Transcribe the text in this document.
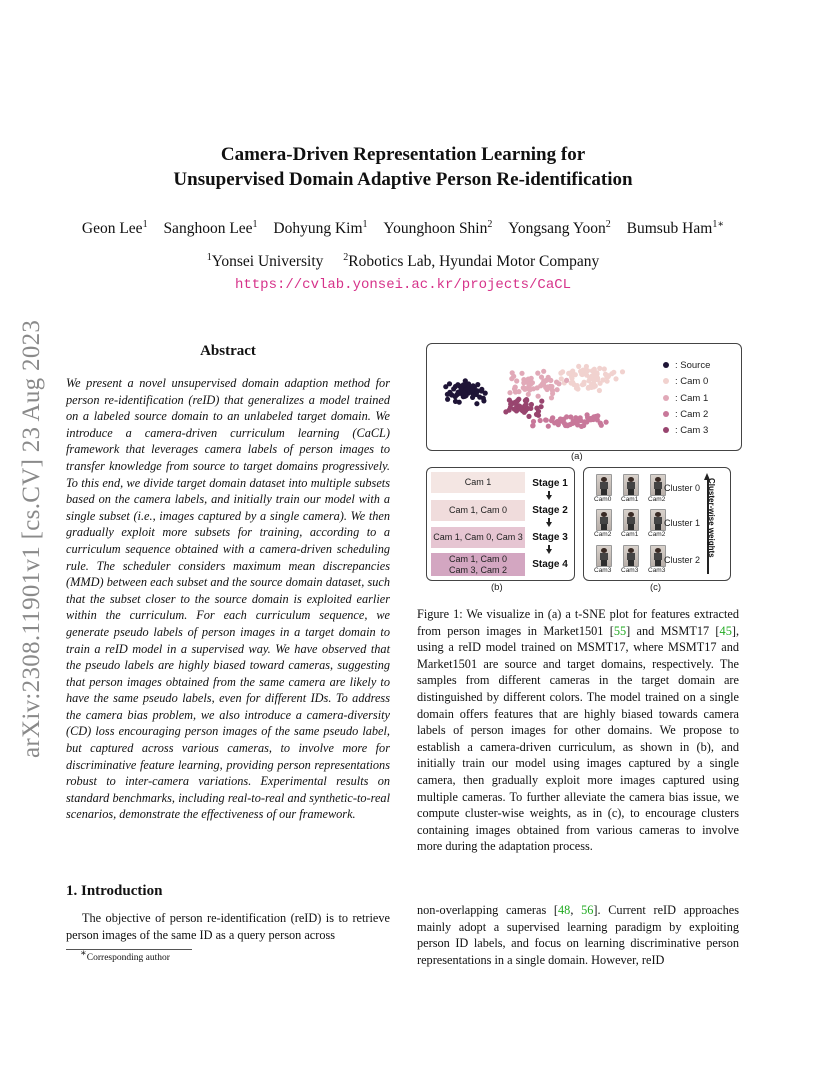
arXiv:2308.11901v1 [cs.CV] 23 Aug 2023
Camera-Driven Representation Learning for
Unsupervised Domain Adaptive Person Re-identification
Geon Lee$^1$ Sanghoon Lee$^1$ Dohyung Kim$^1$ Younghoon Shin$^2$ Yongsang Yoon$^2$ Bumsub Ham$^{1∗}$
$^1$Yonsei University $^2$Robotics Lab, Hyundai Motor Company
https://cvlab.yonsei.ac.kr/projects/CaCL
Abstract
We present a novel unsupervised domain adaption method for person re-identification (reID) that generalizes a model trained on a labeled source domain to an unlabeled target domain. We introduce a camera-driven curriculum learning (CaCL) framework that leverages camera labels of person images to transfer knowledge from source to target domains progressively. To this end, we divide target domain dataset into multiple subsets based on the camera labels, and initially train our model with a single subset (i.e., images captured by a single camera). We then gradually exploit more subsets for training, according to a curriculum sequence obtained with a camera-driven scheduling rule. The scheduler considers maximum mean discrepancies (MMD) between each subset and the source domain dataset, such that the subset closer to the source domain is exploited earlier within the curriculum. For each curriculum sequence, we generate pseudo labels of person images in a target domain to train a reID model in a supervised way. We have observed that the pseudo labels are highly biased toward cameras, suggesting that person images obtained from the same camera are likely to have the same pseudo labels, even for different IDs. To address the camera bias problem, we also introduce a camera-diversity (CD) loss encouraging person images of the same pseudo label, but captured across various cameras, to involve more for discriminative feature learning, providing person representations robust to inter-camera variations. Experimental results on standard benchmarks, including real-to-real and synthetic-to-real scenarios, demonstrate the effectiveness of our framework.
1. Introduction
The objective of person re-identification (reID) is to retrieve person images of the same ID as a query person across
∗Corresponding author
(a)
: Source
: Cam 0
: Cam 1
: Cam 2
: Cam 3
Cam 1
Cam 1, Cam 0
Cam 1, Cam 0, Cam 3
Cam 1, Cam 0
Cam 3, Cam 2
Stage 1
Stage 2
Stage 3
Stage 4
(b)
Cam0 Cam1 Cam2
Cam2 Cam1 Cam2
Cam3 Cam3 Cam3
Cluster 0
Cluster 1
Cluster 2
Cluster-wise weights
(c)
Figure 1: We visualize in (a) a t-SNE plot for features extracted from person images in Market1501 [55] and MSMT17 [45], using a reID model trained on MSMT17, where MSMT17 and Market1501 are source and target domains, respectively. The samples from different cameras in the target domain are distinguished by different colors. The model trained on a single domain offers features that are highly biased towards camera labels of person images for other domains. We propose to establish a camera-driven curriculum, as shown in (b), and initially train our model using images captured by a single camera, then gradually exploit more images captured using multiple cameras. To further alleviate the camera bias issue, we compute cluster-wise weights, as in (c), to encourage clusters containing images obtained from various cameras to involve more during the adaptation process.
non-overlapping cameras [48, 56]. Current reID approaches mainly adopt a supervised learning paradigm by exploiting person ID labels, and focus on learning discriminative person representations in a single domain. However, reID
